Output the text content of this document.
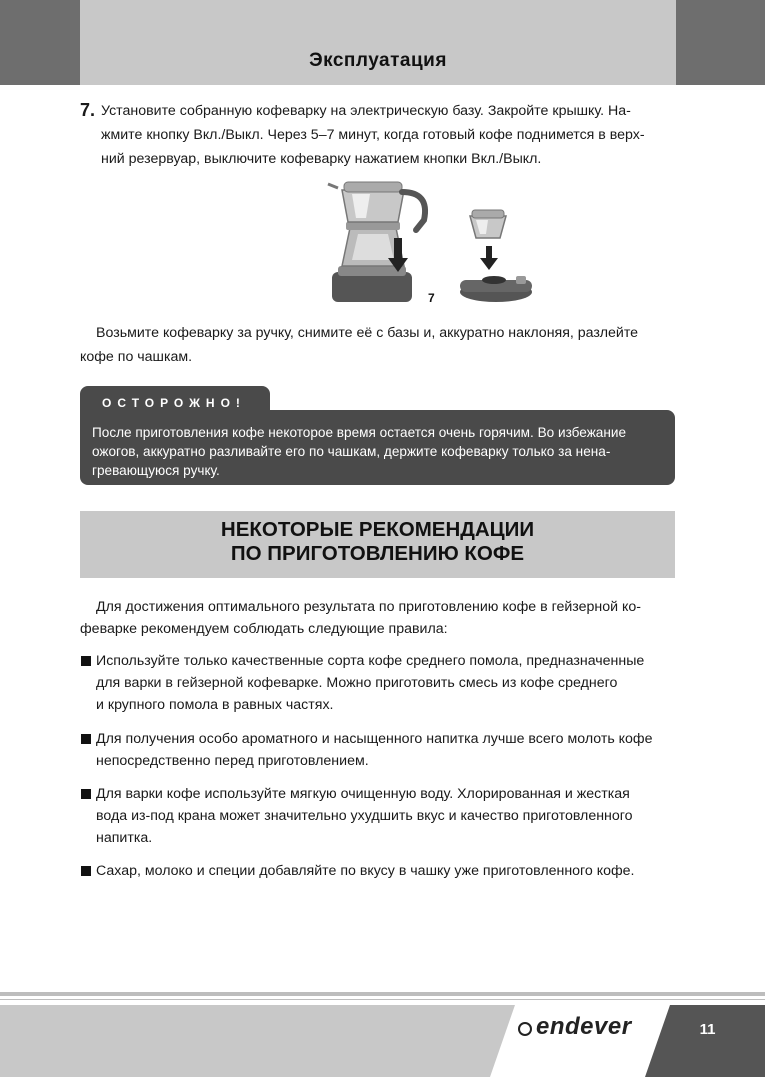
Эксплуатация
7. Установите собранную кофеварку на электрическую базу. Закройте крышку. На-
жмите кнопку Вкл./Выкл. Через 5–7 минут, когда готовый кофе поднимется в верх-
ний резервуар, выключите кофеварку нажатием кнопки Вкл./Выкл.
7
Возьмите кофеварку за ручку, снимите её с базы и, аккуратно наклоняя, разлейте
кофе по чашкам.
ОСТОРОЖНО!
После приготовления кофе некоторое время остается очень горячим. Во избежание
ожогов, аккуратно разливайте его по чашкам, держите кофеварку только за нена-
гревающуюся ручку.
НЕКОТОРЫЕ РЕКОМЕНДАЦИИ
ПО ПРИГОТОВЛЕНИЮ КОФЕ
Для достижения оптимального результата по приготовлению кофе в гейзерной ко-
феварке рекомендуем соблюдать следующие правила:
Используйте только качественные сорта кофе среднего помола, предназначенные
для варки в гейзерной кофеварке. Можно приготовить смесь из кофе среднего
и крупного помола в равных частях.
Для получения особо ароматного и насыщенного напитка лучше всего молоть кофе
непосредственно перед приготовлением.
Для варки кофе используйте мягкую очищенную воду. Хлорированная и жесткая
вода из-под крана может значительно ухудшить вкус и качество приготовленного
напитка.
Сахар, молоко и специи добавляйте по вкусу в чашку уже приготовленного кофе.
endever	11
